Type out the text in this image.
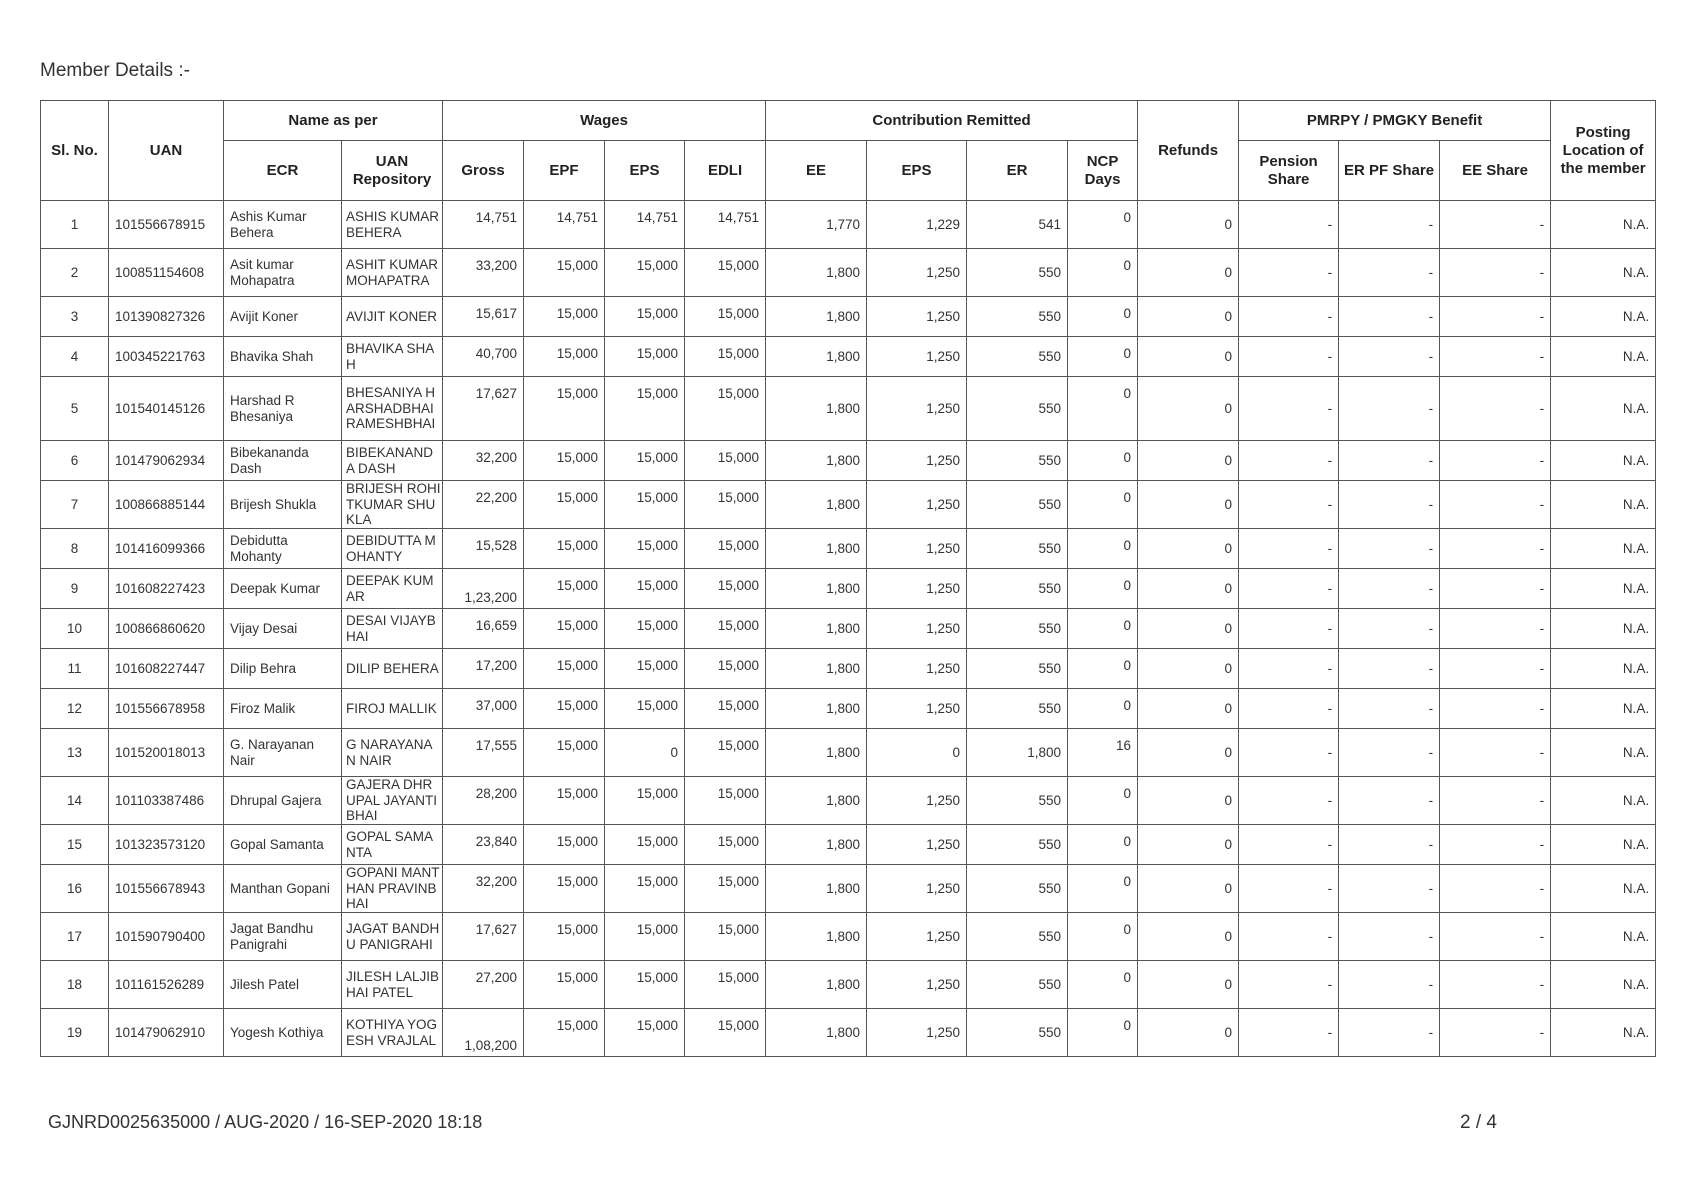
Member Details :-
Sl. No.	UAN	Name as per		Wages				Contribution Remitted				Refunds	PMRPY / PMGKY Benefit			Posting Location of the member
		ECR	UAN Repository	Gross	EPF	EPS	EDLI	EE	EPS	ER	NCP Days		Pension Share	ER PF Share	EE Share	
1	101556678915	Ashis Kumar Behera	ASHIS KUMAR BEHERA	14,751	14,751	14,751	14,751	1,770	1,229	541	0	0	-	-	-	N.A.
2	100851154608	Asit kumar Mohapatra	ASHIT KUMAR MOHAPATRA	33,200	15,000	15,000	15,000	1,800	1,250	550	0	0	-	-	-	N.A.
3	101390827326	Avijit Koner	AVIJIT KONER	15,617	15,000	15,000	15,000	1,800	1,250	550	0	0	-	-	-	N.A.
4	100345221763	Bhavika Shah	BHAVIKA SHAH	40,700	15,000	15,000	15,000	1,800	1,250	550	0	0	-	-	-	N.A.
5	101540145126	Harshad R Bhesaniya	BHESANIYA HARSHADBHAI RAMESHBHAI	17,627	15,000	15,000	15,000	1,800	1,250	550	0	0	-	-	-	N.A.
6	101479062934	Bibekananda Dash	BIBEKANANDA DASH	32,200	15,000	15,000	15,000	1,800	1,250	550	0	0	-	-	-	N.A.
7	100866885144	Brijesh Shukla	BRIJESH ROHITKUMAR SHUKLA	22,200	15,000	15,000	15,000	1,800	1,250	550	0	0	-	-	-	N.A.
8	101416099366	Debidutta Mohanty	DEBIDUTTA MOHANTY	15,528	15,000	15,000	15,000	1,800	1,250	550	0	0	-	-	-	N.A.
9	101608227423	Deepak Kumar	DEEPAK KUMAR	1,23,200	15,000	15,000	15,000	1,800	1,250	550	0	0	-	-	-	N.A.
10	100866860620	Vijay Desai	DESAI VIJAYBHAI	16,659	15,000	15,000	15,000	1,800	1,250	550	0	0	-	-	-	N.A.
11	101608227447	Dilip Behra	DILIP BEHERA	17,200	15,000	15,000	15,000	1,800	1,250	550	0	0	-	-	-	N.A.
12	101556678958	Firoz Malik	FIROJ MALLIK	37,000	15,000	15,000	15,000	1,800	1,250	550	0	0	-	-	-	N.A.
13	101520018013	G. Narayanan Nair	G NARAYANAN NAIR	17,555	15,000	0	15,000	1,800	0	1,800	16	0	-	-	-	N.A.
14	101103387486	Dhrupal Gajera	GAJERA DHRUPAL JAYANTIBHAI	28,200	15,000	15,000	15,000	1,800	1,250	550	0	0	-	-	-	N.A.
15	101323573120	Gopal Samanta	GOPAL SAMANTA	23,840	15,000	15,000	15,000	1,800	1,250	550	0	0	-	-	-	N.A.
16	101556678943	Manthan Gopani	GOPANI MANTHAN PRAVINBHAI	32,200	15,000	15,000	15,000	1,800	1,250	550	0	0	-	-	-	N.A.
17	101590790400	Jagat Bandhu Panigrahi	JAGAT BANDHU PANIGRAHI	17,627	15,000	15,000	15,000	1,800	1,250	550	0	0	-	-	-	N.A.
18	101161526289	Jilesh Patel	JILESH LALJIBHAI PATEL	27,200	15,000	15,000	15,000	1,800	1,250	550	0	0	-	-	-	N.A.
19	101479062910	Yogesh Kothiya	KOTHIYA YOGESH VRAJLAL	1,08,200	15,000	15,000	15,000	1,800	1,250	550	0	0	-	-	-	N.A.
GJNRD0025635000 / AUG-2020 / 16-SEP-2020 18:18	2 / 4
